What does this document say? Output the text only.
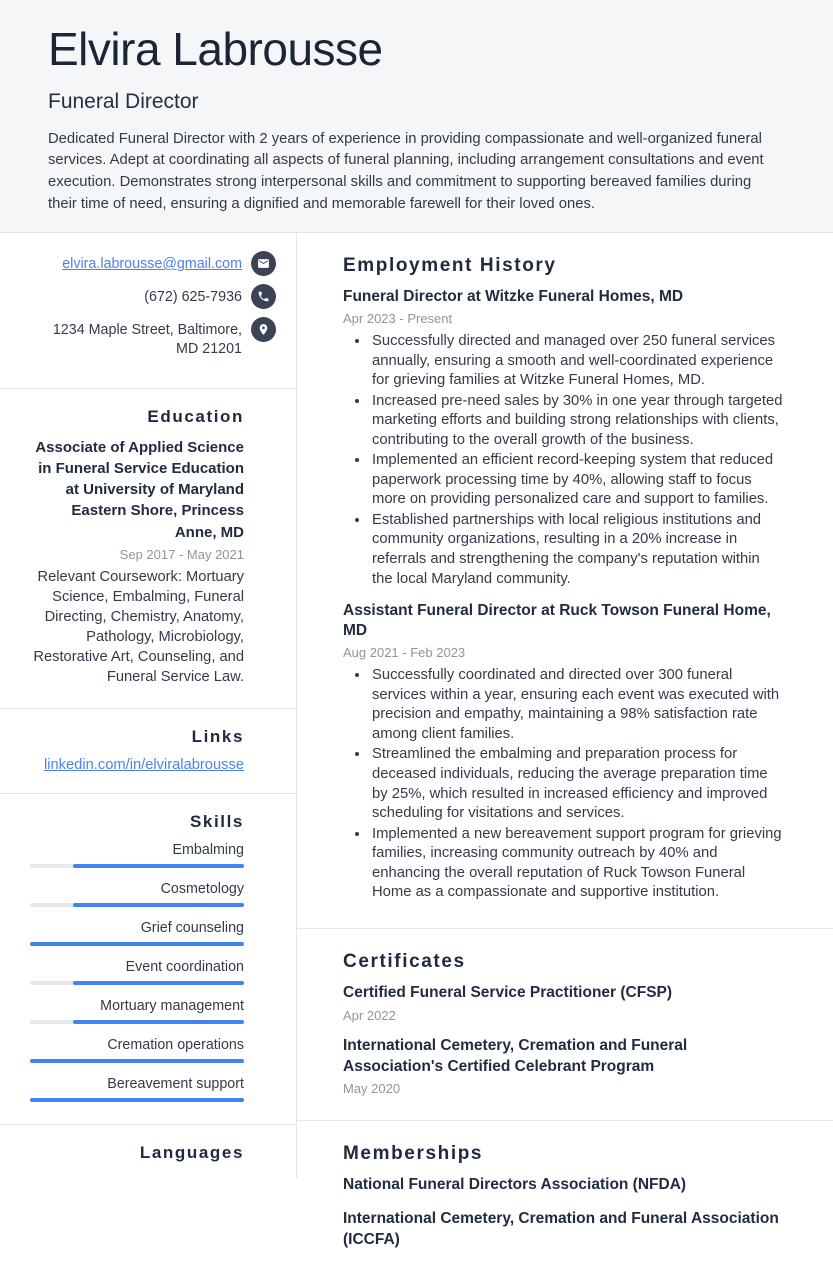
Elvira Labrousse
Funeral Director
Dedicated Funeral Director with 2 years of experience in providing compassionate and well-organized funeral services. Adept at coordinating all aspects of funeral planning, including arrangement consultations and event execution. Demonstrates strong interpersonal skills and commitment to supporting bereaved families during their time of need, ensuring a dignified and memorable farewell for their loved ones.
elvira.labrousse@gmail.com
(672) 625-7936
1234 Maple Street, Baltimore, MD 21201
Education
Associate of Applied Science in Funeral Service Education at University of Maryland Eastern Shore, Princess Anne, MD
Sep 2017 - May 2021
Relevant Coursework: Mortuary Science, Embalming, Funeral Directing, Chemistry, Anatomy, Pathology, Microbiology, Restorative Art, Counseling, and Funeral Service Law.
Links
linkedin.com/in/elviralabrousse
Skills
Embalming
Cosmetology
Grief counseling
Event coordination
Mortuary management
Cremation operations
Bereavement support
Languages
Employment History
Funeral Director at Witzke Funeral Homes, MD
Apr 2023 - Present
• Successfully directed and managed over 250 funeral services annually, ensuring a smooth and well-coordinated experience for grieving families at Witzke Funeral Homes, MD.
• Increased pre-need sales by 30% in one year through targeted marketing efforts and building strong relationships with clients, contributing to the overall growth of the business.
• Implemented an efficient record-keeping system that reduced paperwork processing time by 40%, allowing staff to focus more on providing personalized care and support to families.
• Established partnerships with local religious institutions and community organizations, resulting in a 20% increase in referrals and strengthening the company's reputation within the local Maryland community.
Assistant Funeral Director at Ruck Towson Funeral Home, MD
Aug 2021 - Feb 2023
• Successfully coordinated and directed over 300 funeral services within a year, ensuring each event was executed with precision and empathy, maintaining a 98% satisfaction rate among client families.
• Streamlined the embalming and preparation process for deceased individuals, reducing the average preparation time by 25%, which resulted in increased efficiency and improved scheduling for visitations and services.
• Implemented a new bereavement support program for grieving families, increasing community outreach by 40% and enhancing the overall reputation of Ruck Towson Funeral Home as a compassionate and supportive institution.
Certificates
Certified Funeral Service Practitioner (CFSP)
Apr 2022
International Cemetery, Cremation and Funeral Association's Certified Celebrant Program
May 2020
Memberships
National Funeral Directors Association (NFDA)
International Cemetery, Cremation and Funeral Association (ICCFA)
